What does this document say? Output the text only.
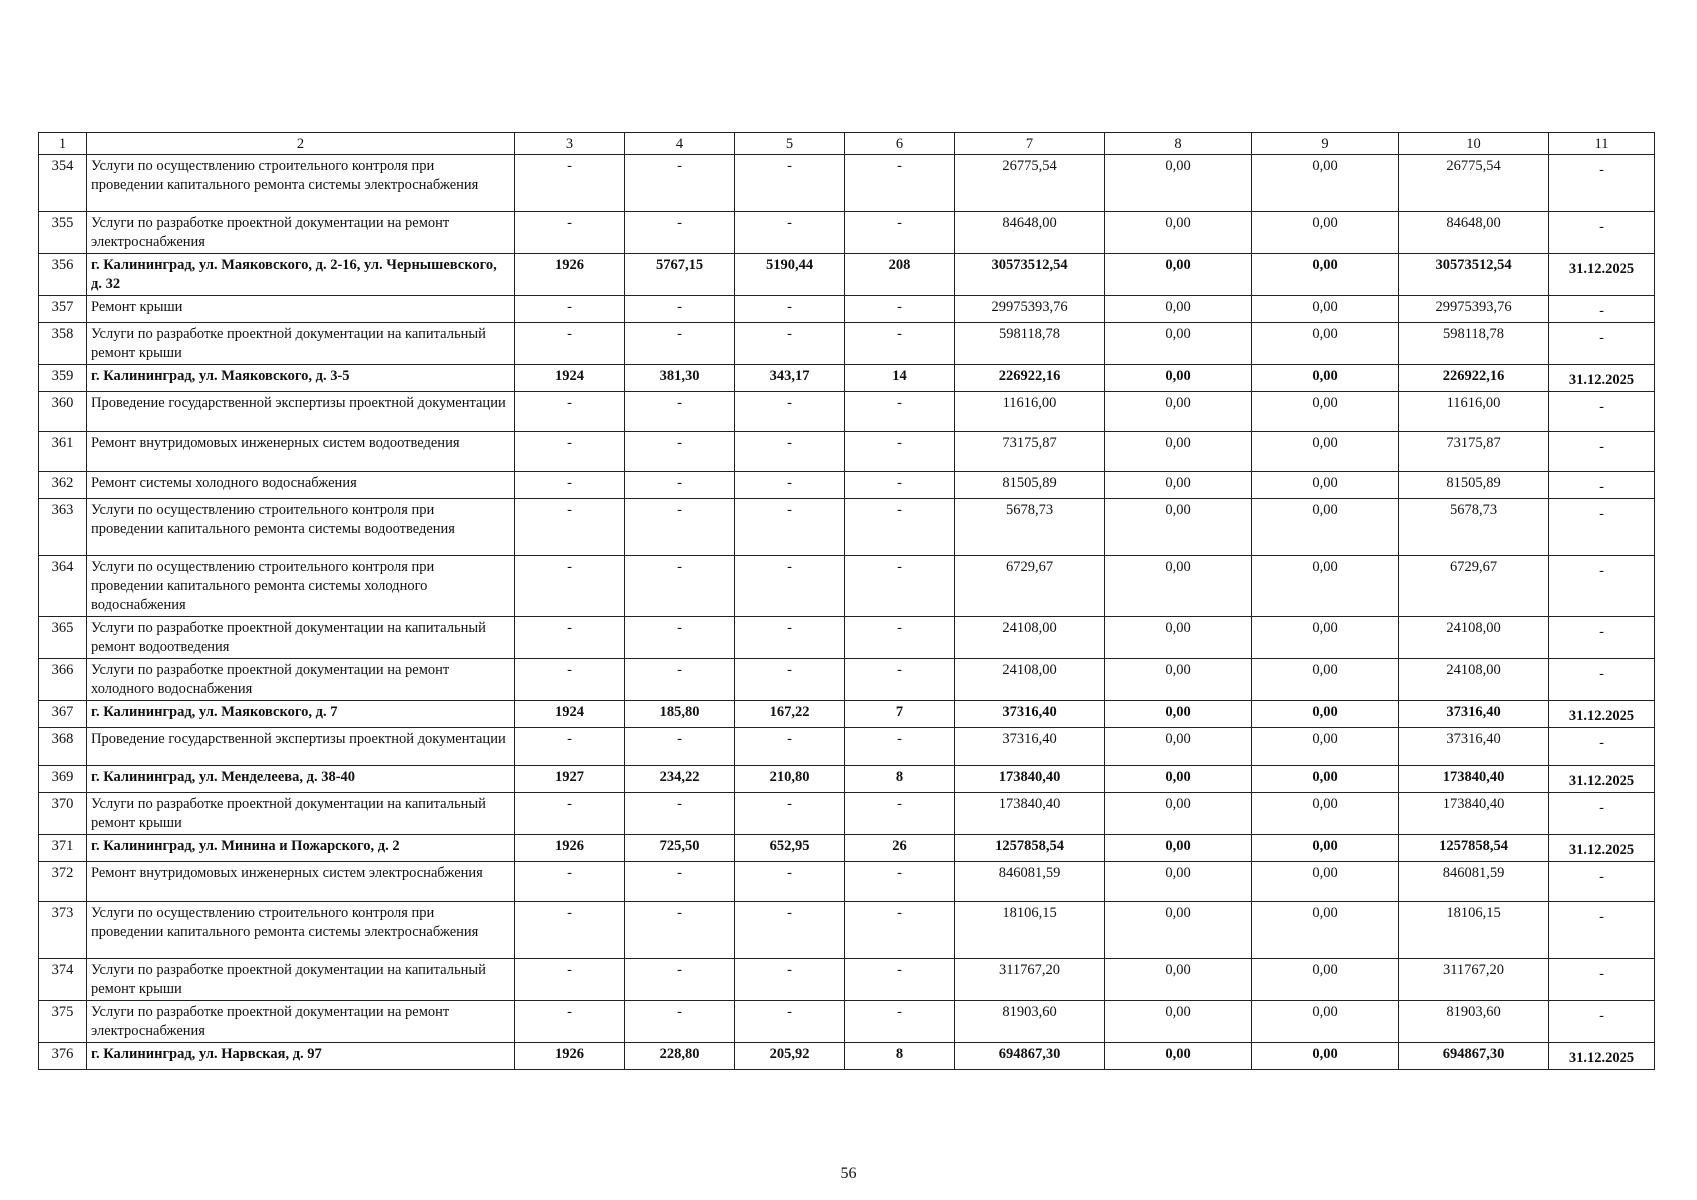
1	2	3	4	5	6	7	8	9	10	11
354	Услуги по осуществлению строительного контроля при проведении капитального ремонта системы электроснабжения	-	-	-	-	26775,54	0,00	0,00	26775,54	-
355	Услуги по разработке проектной документации на ремонт электроснабжения	-	-	-	-	84648,00	0,00	0,00	84648,00	-
356	г. Калининград, ул. Маяковского, д. 2-16, ул. Чернышевского, д. 32	1926	5767,15	5190,44	208	30573512,54	0,00	0,00	30573512,54	31.12.2025
357	Ремонт крыши	-	-	-	-	29975393,76	0,00	0,00	29975393,76	-
358	Услуги по разработке проектной документации на капитальный ремонт крыши	-	-	-	-	598118,78	0,00	0,00	598118,78	-
359	г. Калининград, ул. Маяковского, д. 3-5	1924	381,30	343,17	14	226922,16	0,00	0,00	226922,16	31.12.2025
360	Проведение государственной экспертизы проектной документации	-	-	-	-	11616,00	0,00	0,00	11616,00	-
361	Ремонт внутридомовых инженерных систем водоотведения	-	-	-	-	73175,87	0,00	0,00	73175,87	-
362	Ремонт системы холодного водоснабжения	-	-	-	-	81505,89	0,00	0,00	81505,89	-
363	Услуги по осуществлению строительного контроля при проведении капитального ремонта системы водоотведения	-	-	-	-	5678,73	0,00	0,00	5678,73	-
364	Услуги по осуществлению строительного контроля при проведении капитального ремонта системы холодного водоснабжения	-	-	-	-	6729,67	0,00	0,00	6729,67	-
365	Услуги по разработке проектной документации на капитальный ремонт водоотведения	-	-	-	-	24108,00	0,00	0,00	24108,00	-
366	Услуги по разработке проектной документации на ремонт холодного водоснабжения	-	-	-	-	24108,00	0,00	0,00	24108,00	-
367	г. Калининград, ул. Маяковского, д. 7	1924	185,80	167,22	7	37316,40	0,00	0,00	37316,40	31.12.2025
368	Проведение государственной экспертизы проектной документации	-	-	-	-	37316,40	0,00	0,00	37316,40	-
369	г. Калининград, ул. Менделеева, д. 38-40	1927	234,22	210,80	8	173840,40	0,00	0,00	173840,40	31.12.2025
370	Услуги по разработке проектной документации на капитальный ремонт крыши	-	-	-	-	173840,40	0,00	0,00	173840,40	-
371	г. Калининград, ул. Минина и Пожарского, д. 2	1926	725,50	652,95	26	1257858,54	0,00	0,00	1257858,54	31.12.2025
372	Ремонт внутридомовых инженерных систем электроснабжения	-	-	-	-	846081,59	0,00	0,00	846081,59	-
373	Услуги по осуществлению строительного контроля при проведении капитального ремонта системы электроснабжения	-	-	-	-	18106,15	0,00	0,00	18106,15	-
374	Услуги по разработке проектной документации на капитальный ремонт крыши	-	-	-	-	311767,20	0,00	0,00	311767,20	-
375	Услуги по разработке проектной документации на ремонт электроснабжения	-	-	-	-	81903,60	0,00	0,00	81903,60	-
376	г. Калининград, ул. Нарвская, д. 97	1926	228,80	205,92	8	694867,30	0,00	0,00	694867,30	31.12.2025
56
